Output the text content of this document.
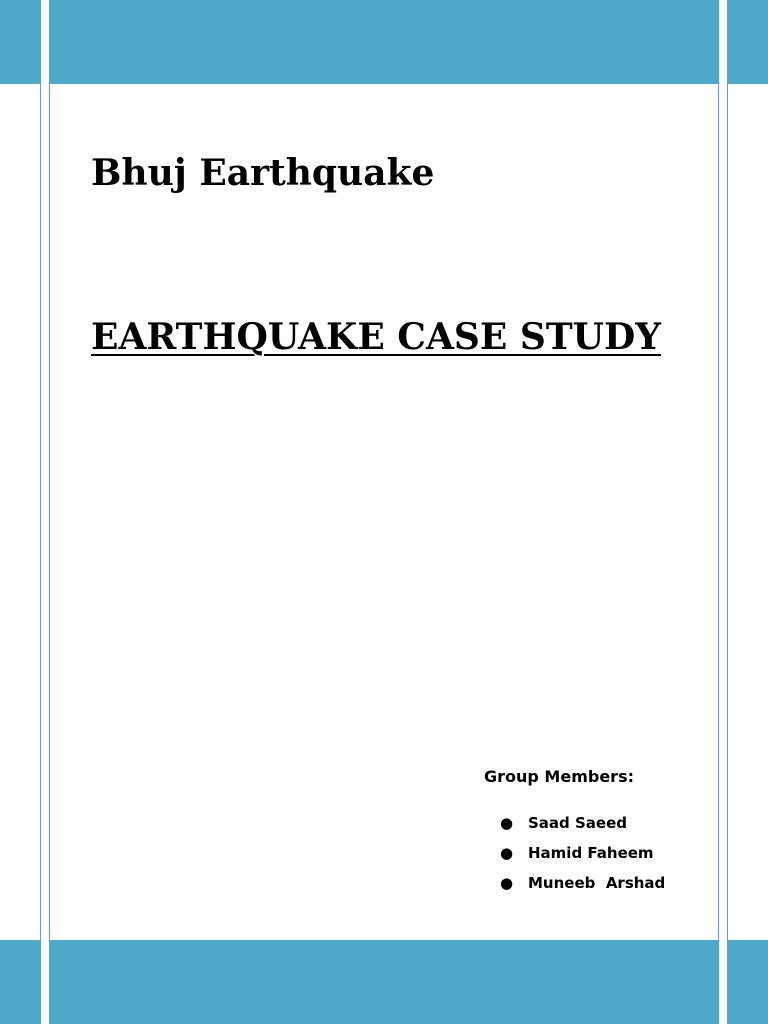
Bhuj Earthquake
EARTHQUAKE CASE STUDY
Group Members:
● Saad Saeed
● Hamid Faheem
● Muneeb  Arshad
